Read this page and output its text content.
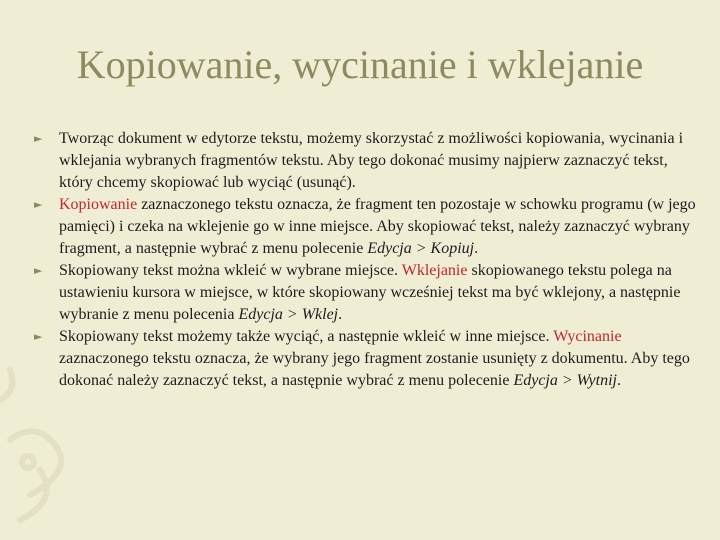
Kopiowanie, wycinanie i wklejanie

► Tworząc dokument w edytorze tekstu, możemy skorzystać z możliwości kopiowania, wycinania i wklejania wybranych fragmentów tekstu. Aby tego dokonać musimy najpierw zaznaczyć tekst, który chcemy skopiować lub wyciąć (usunąć).

► Kopiowanie zaznaczonego tekstu oznacza, że fragment ten pozostaje w schowku programu (w jego pamięci) i czeka na wklejenie go w inne miejsce. Aby skopiować tekst, należy zaznaczyć wybrany fragment, a następnie wybrać z menu polecenie Edycja > Kopiuj.

► Skopiowany tekst można wkleić w wybrane miejsce. Wklejanie skopiowanego tekstu polega na ustawieniu kursora w miejsce, w które skopiowany wcześniej tekst ma być wklejony, a następnie wybranie z menu polecenia Edycja > Wklej.

► Skopiowany tekst możemy także wyciąć, a następnie wkleić w inne miejsce. Wycinanie zaznaczonego tekstu oznacza, że wybrany jego fragment zostanie usunięty z dokumentu. Aby tego dokonać należy zaznaczyć tekst, a następnie wybrać z menu polecenie Edycja > Wytnij.
